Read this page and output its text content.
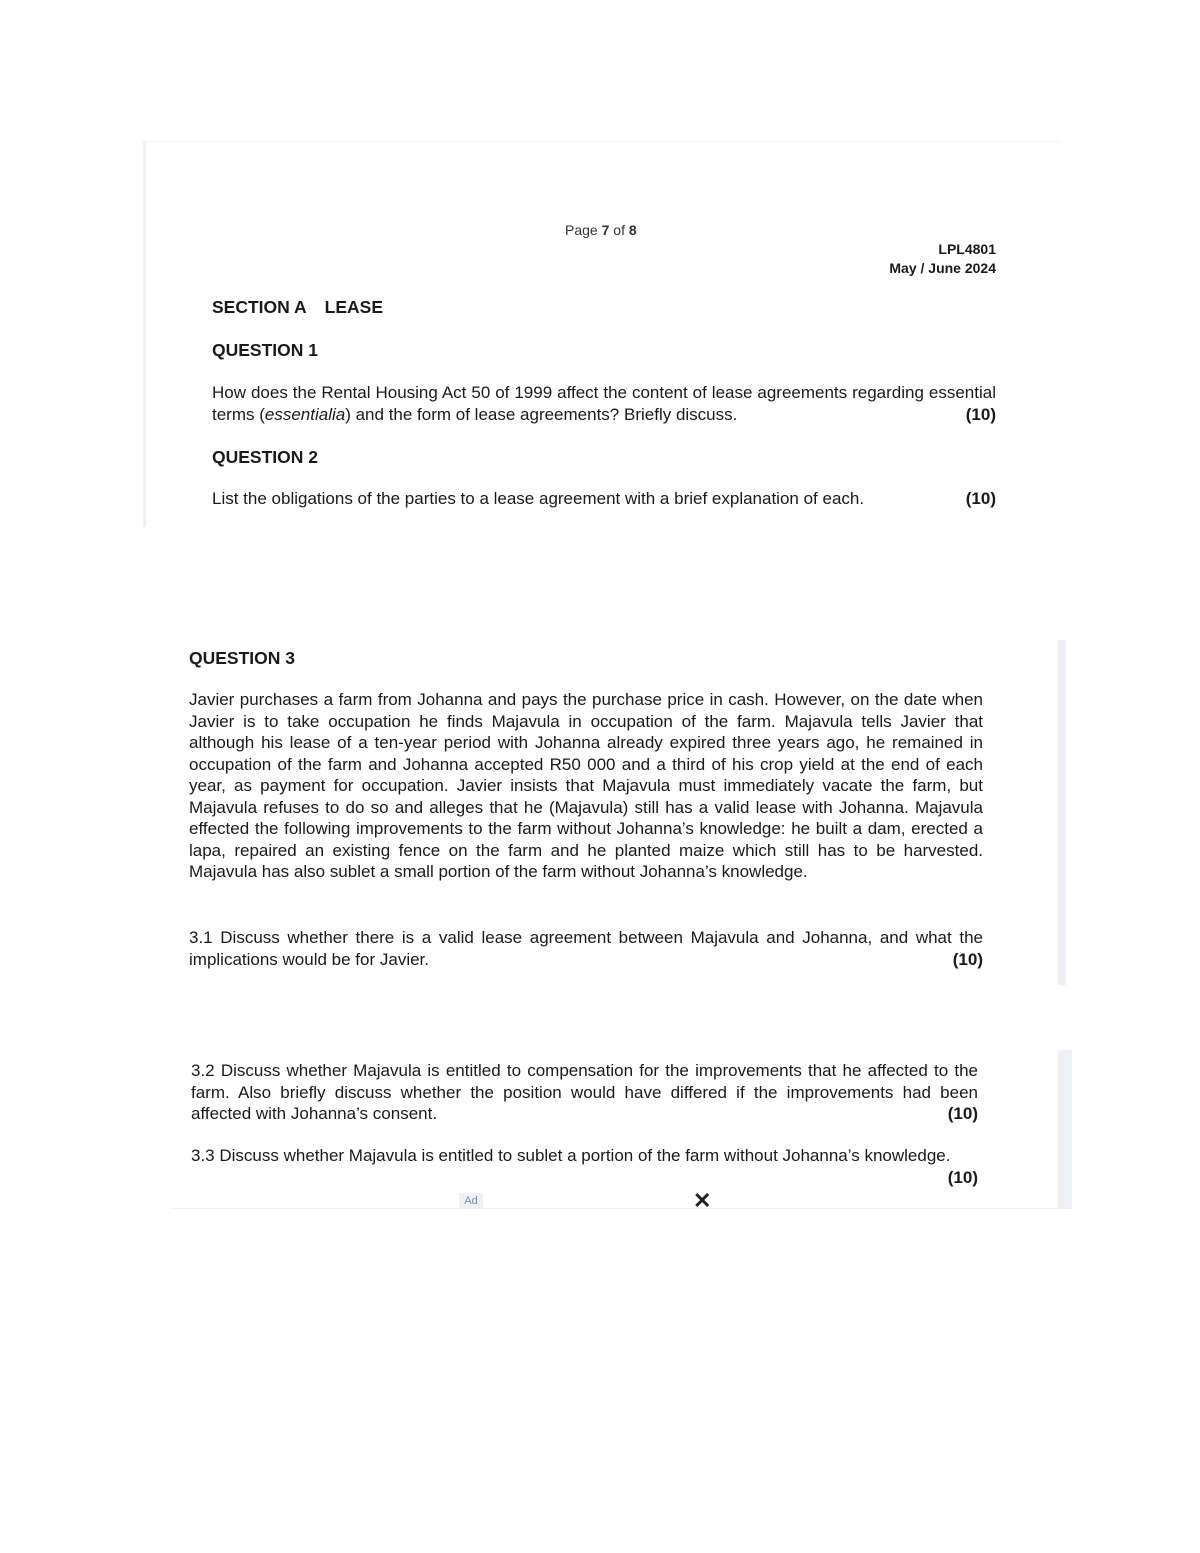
Page 7 of 8
LPL4801
May / June 2024
SECTION A LEASE
QUESTION 1
How does the Rental Housing Act 50 of 1999 affect the content of lease agreements regarding essential terms (essentialia) and the form of lease agreements? Briefly discuss.	(10)
QUESTION 2
List the obligations of the parties to a lease agreement with a brief explanation of each.	(10)
QUESTION 3
Javier purchases a farm from Johanna and pays the purchase price in cash. However, on the date when Javier is to take occupation he finds Majavula in occupation of the farm. Majavula tells Javier that although his lease of a ten-year period with Johanna already expired three years ago, he remained in occupation of the farm and Johanna accepted R50 000 and a third of his crop yield at the end of each year, as payment for occupation. Javier insists that Majavula must immediately vacate the farm, but Majavula refuses to do so and alleges that he (Majavula) still has a valid lease with Johanna. Majavula effected the following improvements to the farm without Johanna’s knowledge: he built a dam, erected a lapa, repaired an existing fence on the farm and he planted maize which still has to be harvested. Majavula has also sublet a small portion of the farm without Johanna’s knowledge.
3.1 Discuss whether there is a valid lease agreement between Majavula and Johanna, and what the implications would be for Javier.	(10)
3.2 Discuss whether Majavula is entitled to compensation for the improvements that he affected to the farm. Also briefly discuss whether the position would have differed if the improvements had been affected with Johanna’s consent.	(10)
3.3 Discuss whether Majavula is entitled to sublet a portion of the farm without Johanna’s knowledge.
(10)
Ad	✕
